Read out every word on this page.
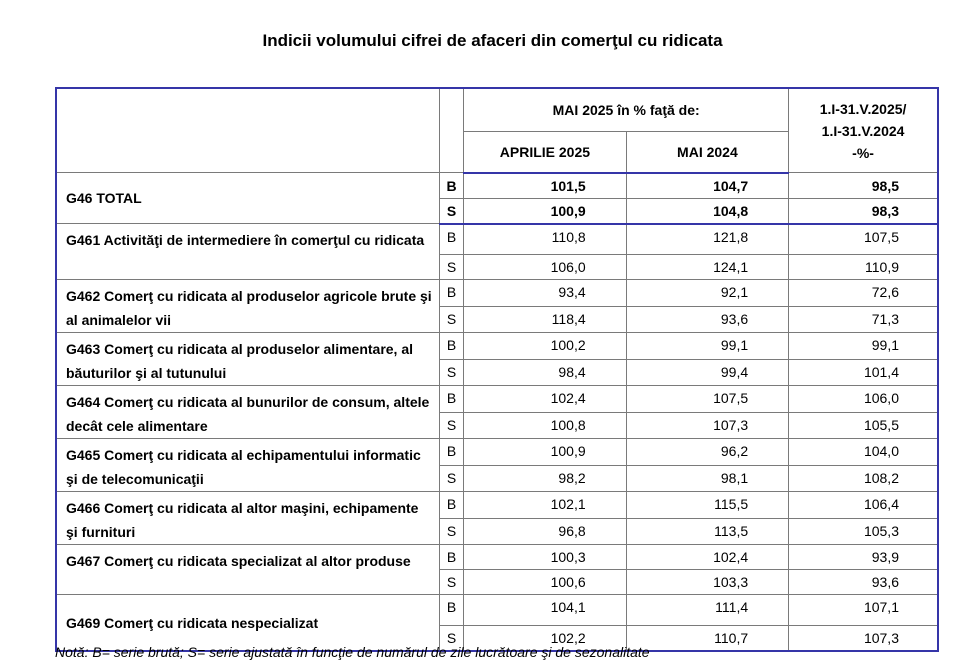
Indicii volumului cifrei de afaceri din comerţul cu ridicata
		MAI 2025 în % faţă de:		1.I-31.V.2025/
1.I-31.V.2024
-%-
		APRILIE 2025	MAI 2024	
G46 TOTAL	B	101,5	104,7	98,5
	S	100,9	104,8	98,3
G461 Activităţi de intermediere în comerţul cu ridicata	B	110,8	121,8	107,5
	S	106,0	124,1	110,9
G462 Comerţ cu ridicata al produselor agricole brute şi al animalelor vii	B	93,4	92,1	72,6
	S	118,4	93,6	71,3
G463 Comerţ cu ridicata al produselor alimentare, al băuturilor şi al tutunului	B	100,2	99,1	99,1
	S	98,4	99,4	101,4
G464 Comerţ cu ridicata al bunurilor de consum, altele decât cele alimentare	B	102,4	107,5	106,0
	S	100,8	107,3	105,5
G465 Comerţ cu ridicata al echipamentului informatic şi de telecomunicaţii	B	100,9	96,2	104,0
	S	98,2	98,1	108,2
G466 Comerţ cu ridicata al altor maşini, echipamente şi furnituri	B	102,1	115,5	106,4
	S	96,8	113,5	105,3
G467 Comerţ cu ridicata specializat al altor produse	B	100,3	102,4	93,9
	S	100,6	103,3	93,6
G469 Comerţ cu ridicata nespecializat	B	104,1	111,4	107,1
	S	102,2	110,7	107,3
Notă: B= serie brută; S= serie ajustată în funcţie de numărul de zile lucrătoare şi de sezonalitate
